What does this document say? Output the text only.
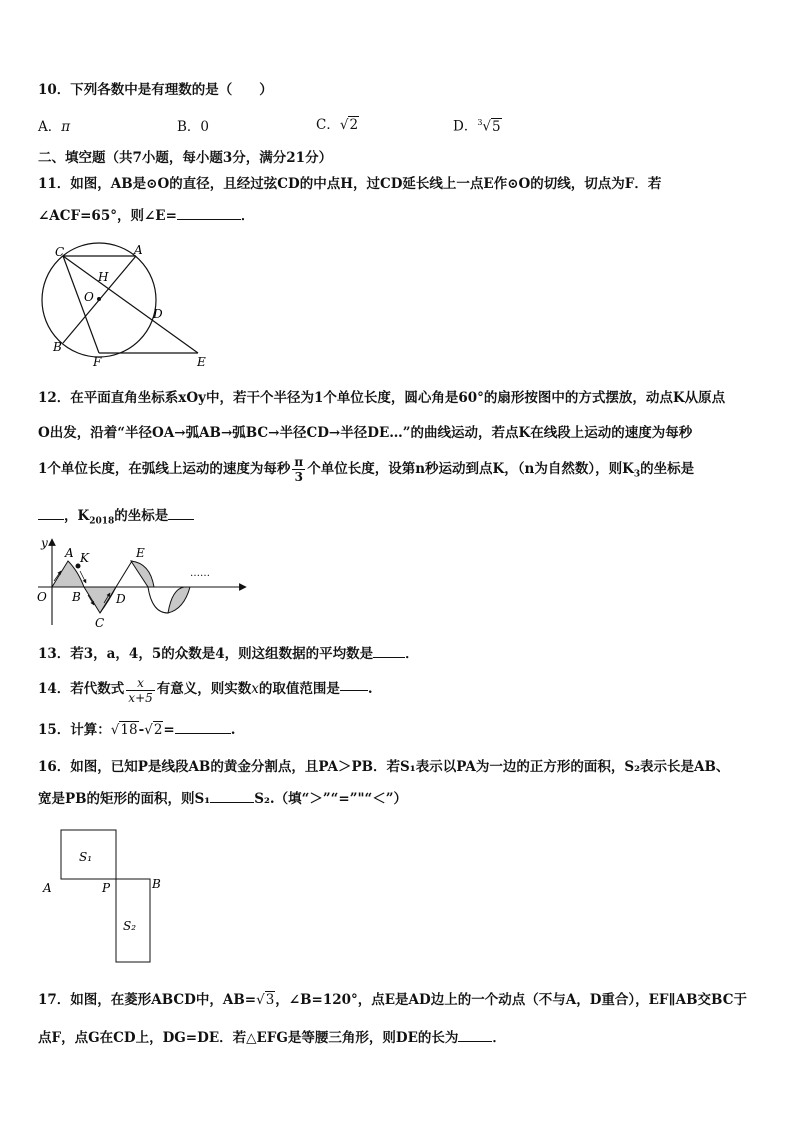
10．下列各数中是有理数的是（　　）
A．π	B．0	C．√2	D．$^3$√5
二、填空题（共7小题，每小题3分，满分21分）
11．如图，AB是⊙O的直径，且经过弦CD的中点H，过CD延长线上一点E作⊙O的切线，切点为F．若
∠ACF=65°，则∠E=	．
C	A
H
O
D
B
F	E
12．在平面直角坐标系xOy中，若干个半径为1个单位长度，圆心角是60°的扇形按图中的方式摆放，动点K从原点
O出发，沿着“半径OA→弧AB→弧BC→半径CD→半径DE…”的曲线运动，若点K在线段上运动的速度为每秒
1个单位长度，在弧线上运动的速度为每秒 $\frac{\pi}{3}$ 个单位长度，设第n秒运动到点K，（n为自然数），则$K_3$的坐标是
，$K_{2018}$的坐标是
y
A K	E
O B	D
C
……
13．若3，a，4，5的众数是4，则这组数据的平均数是 ．
14．若代数式 $\frac{x}{x+5}$ 有意义，则实数 x 的取值范围是 .
15．计算：√18-√2=	.
16．如图，已知P是线段AB的黄金分割点，且PA＞PB．若S₁表示以PA为一边的正方形的面积，S₂表示长是AB、
宽是PB的矩形的面积，则S₁	S₂.（填“＞”“=”"“＜”）
S₁
S₂
A	P	B
17．如图，在菱形ABCD中，AB=√3，∠B=120°，点E是AD边上的一个动点（不与A，D重合），EF∥AB交BC于
点F，点G在CD上，DG=DE．若△EFG是等腰三角形，则DE的长为	．
